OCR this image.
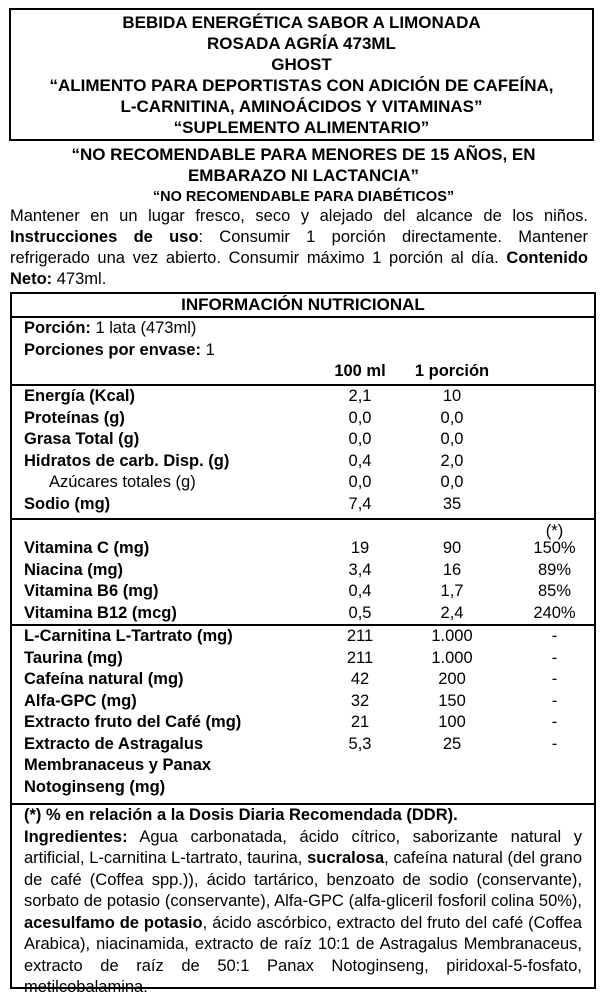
BEBIDA ENERGÉTICA SABOR A LIMONADA
ROSADA AGRÍA 473ML
GHOST
“ALIMENTO PARA DEPORTISTAS CON ADICIÓN DE CAFEÍNA,
L-CARNITINA, AMINOÁCIDOS Y VITAMINAS”
“SUPLEMENTO ALIMENTARIO”
“NO RECOMENDABLE PARA MENORES DE 15 AÑOS, EN
EMBARAZO NI LACTANCIA”
“NO RECOMENDABLE PARA DIABÉTICOS”
Mantener en un lugar fresco, seco y alejado del alcance de los niños. Instrucciones de uso: Consumir 1 porción directamente. Mantener refrigerado una vez abierto. Consumir máximo 1 porción al día. Contenido Neto: 473ml.
INFORMACIÓN NUTRICIONAL
Porción: 1 lata (473ml)
Porciones por envase: 1
100 ml	1 porción
Energía (Kcal)	2,1	10
Proteínas (g)	0,0	0,0
Grasa Total (g)	0,0	0,0
Hidratos de carb. Disp. (g)	0,4	2,0
Azúcares totales (g)	0,0	0,0
Sodio (mg)	7,4	35
(*)
Vitamina C (mg)	19	90	150%
Niacina (mg)	3,4	16	89%
Vitamina B6 (mg)	0,4	1,7	85%
Vitamina B12 (mcg)	0,5	2,4	240%
L-Carnitina L-Tartrato (mg)	211	1.000	-
Taurina (mg)	211	1.000	-
Cafeína natural (mg)	42	200	-
Alfa-GPC (mg)	32	150	-
Extracto fruto del Café (mg)	21	100	-
Extracto de Astragalus	5,3	25	-
Membranaceus y Panax
Notoginseng (mg)
(*) % en relación a la Dosis Diaria Recomendada (DDR).
Ingredientes: Agua carbonatada, ácido cítrico, saborizante natural y artificial, L-carnitina L-tartrato, taurina, sucralosa, cafeína natural (del grano de café (Coffea spp.)), ácido tartárico, benzoato de sodio (conservante), sorbato de potasio (conservante), Alfa-GPC (alfa-gliceril fosforil colina 50%), acesulfamo de potasio, ácido ascórbico, extracto del fruto del café (Coffea Arabica), niacinamida, extracto de raíz 10:1 de Astragalus Membranaceus, extracto de raíz de 50:1 Panax Notoginseng, piridoxal-5-fosfato, metilcobalamina.
